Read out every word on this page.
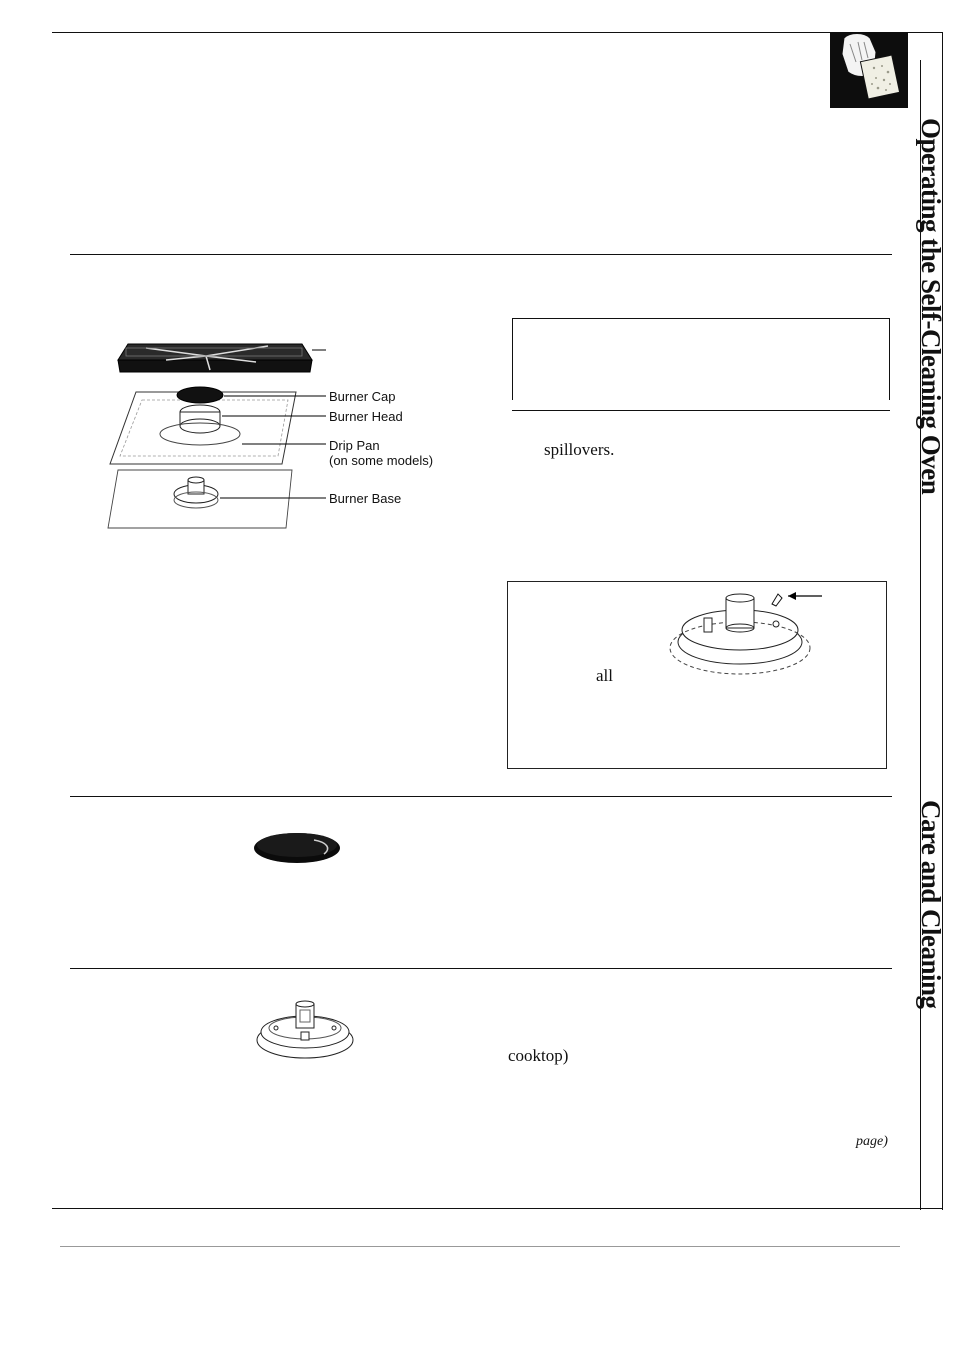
Operating the Self-Cleaning Oven
Care and Cleaning
Burner Cap
Burner Head
Drip Pan
(on some models)
Burner Base
spillovers.
all
cooktop)
page)
